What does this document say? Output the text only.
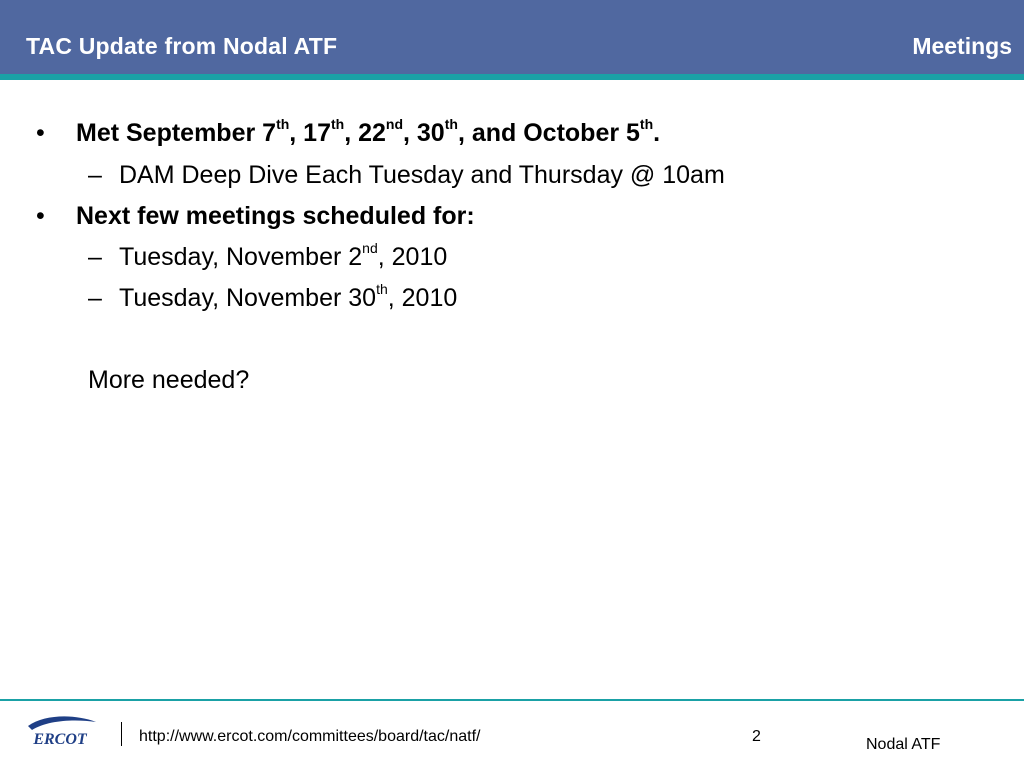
TAC Update from Nodal ATF	Meetings
• Met September 7th, 17th, 22nd, 30th, and October 5th.
– DAM Deep Dive Each Tuesday and Thursday @ 10am
• Next few meetings scheduled for:
– Tuesday, November 2nd, 2010
– Tuesday, November 30th, 2010
More needed?
ERCOT	http://www.ercot.com/committees/board/tac/natf/	2	Nodal ATF
